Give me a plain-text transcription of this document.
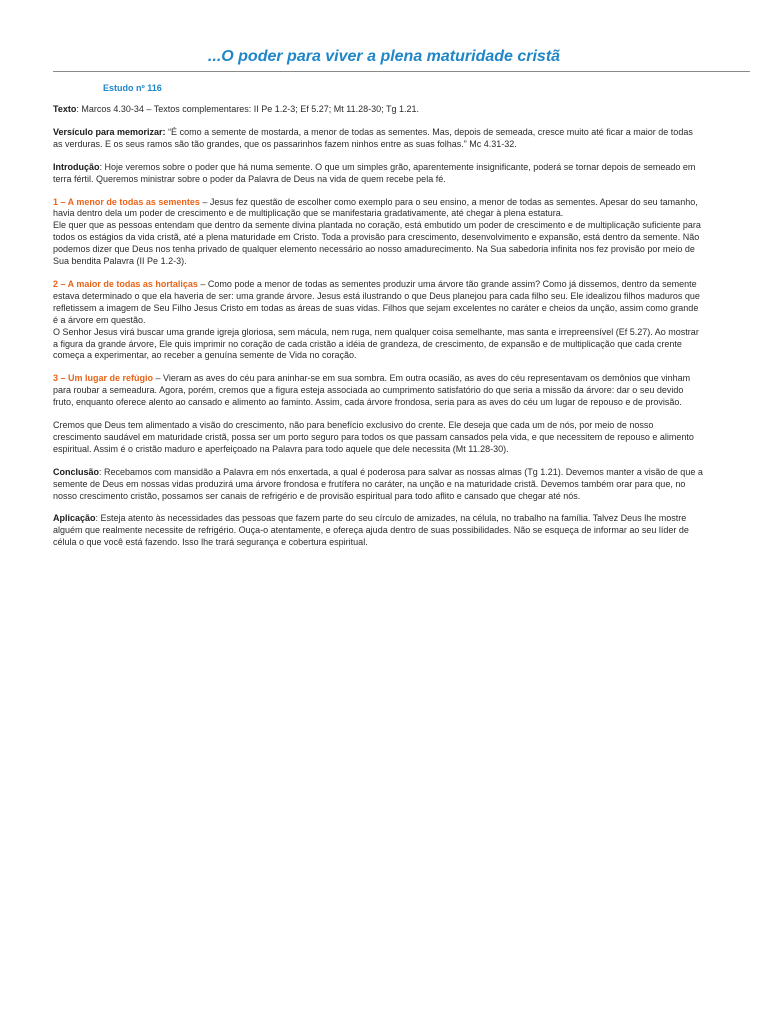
...O poder para viver a plena maturidade cristã
Estudo nº 116

Texto: Marcos 4.30-34 – Textos complementares: II Pe 1.2-3; Ef 5.27; Mt 11.28-30; Tg 1.21.

Versículo para memorizar: “É como a semente de mostarda, a menor de todas as sementes. Mas, depois de semeada, cresce muito até ficar a maior de todas as verduras. E os seus ramos são tão grandes, que os passarinhos fazem ninhos entre as suas folhas.” Mc 4.31-32.

Introdução: Hoje veremos sobre o poder que há numa semente. O que um simples grão, aparentemente insignificante, poderá se tornar depois de semeado em terra fértil. Queremos ministrar sobre o poder da Palavra de Deus na vida de quem recebe pela fé.

1 – A menor de todas as sementes – Jesus fez questão de escolher como exemplo para o seu ensino, a menor de todas as sementes. Apesar do seu tamanho, havia dentro dela um poder de crescimento e de multiplicação que se manifestaria gradativamente, até chegar à plena estatura.
Ele quer que as pessoas entendam que dentro da semente divina plantada no coração, está embutido um poder de crescimento e de multiplicação suficiente para todos os estágios da vida cristã, até a plena maturidade em Cristo. Toda a provisão para crescimento, desenvolvimento e expansão, está dentro da semente. Não podemos dizer que Deus nos tenha privado de qualquer elemento necessário ao nosso amadurecimento. Na Sua sabedoria infinita nos fez provisão por meio de Sua bendita Palavra (II Pe 1.2-3).

2 – A maior de todas as hortaliças – Como pode a menor de todas as sementes produzir uma árvore tão grande assim? Como já dissemos, dentro da semente estava determinado o que ela haveria de ser: uma grande árvore. Jesus está ilustrando o que Deus planejou para cada filho seu. Ele idealizou filhos maduros que refletissem a imagem de Seu Filho Jesus Cristo em todas as áreas de suas vidas. Filhos que sejam excelentes no caráter e cheios da unção, assim como grande é a árvore em questão.
O Senhor Jesus virá buscar uma grande igreja gloriosa, sem mácula, nem ruga, nem qualquer coisa semelhante, mas santa e irrepreensível (Ef 5.27). Ao mostrar a figura da grande árvore, Ele quis imprimir no coração de cada cristão a idéia de grandeza, de crescimento, de expansão e de multiplicação que cada crente começa a experimentar, ao receber a genuína semente de Vida no coração.

3 – Um lugar de refúgio – Vieram as aves do céu para aninhar-se em sua sombra. Em outra ocasião, as aves do céu representavam os demônios que vinham para roubar a semeadura. Agora, porém, cremos que a figura esteja associada ao cumprimento satisfatório do que seria a missão da árvore: dar o seu devido fruto, enquanto oferece alento ao cansado e alimento ao faminto. Assim, cada árvore frondosa, seria para as aves do céu um lugar de repouso e de provisão.

Cremos que Deus tem alimentado a visão do crescimento, não para benefício exclusivo do crente. Ele deseja que cada um de nós, por meio de nosso crescimento saudável em maturidade cristã, possa ser um porto seguro para todos os que passam cansados pela vida, e que necessitem de repouso e alimento espiritual. Assim é o cristão maduro e aperfeiçoado na Palavra para todo aquele que dele necessita (Mt 11.28-30).

Conclusão: Recebamos com mansidão a Palavra em nós enxertada, a qual é poderosa para salvar as nossas almas (Tg 1.21). Devemos manter a visão de que a semente de Deus em nossas vidas produzirá uma árvore frondosa e frutífera no caráter, na unção e na maturidade cristã. Devemos também orar para que, no nosso crescimento cristão, possamos ser canais de refrigério e de provisão espiritual para todo aflito e cansado que chegar até nós.

Aplicação: Esteja atento às necessidades das pessoas que fazem parte do seu círculo de amizades, na célula, no trabalho na família. Talvez Deus lhe mostre alguém que realmente necessite de refrigério. Ouça-o atentamente, e ofereça ajuda dentro de suas possibilidades. Não se esqueça de informar ao seu líder de célula o que você está fazendo. Isso lhe trará segurança e cobertura espiritual.
